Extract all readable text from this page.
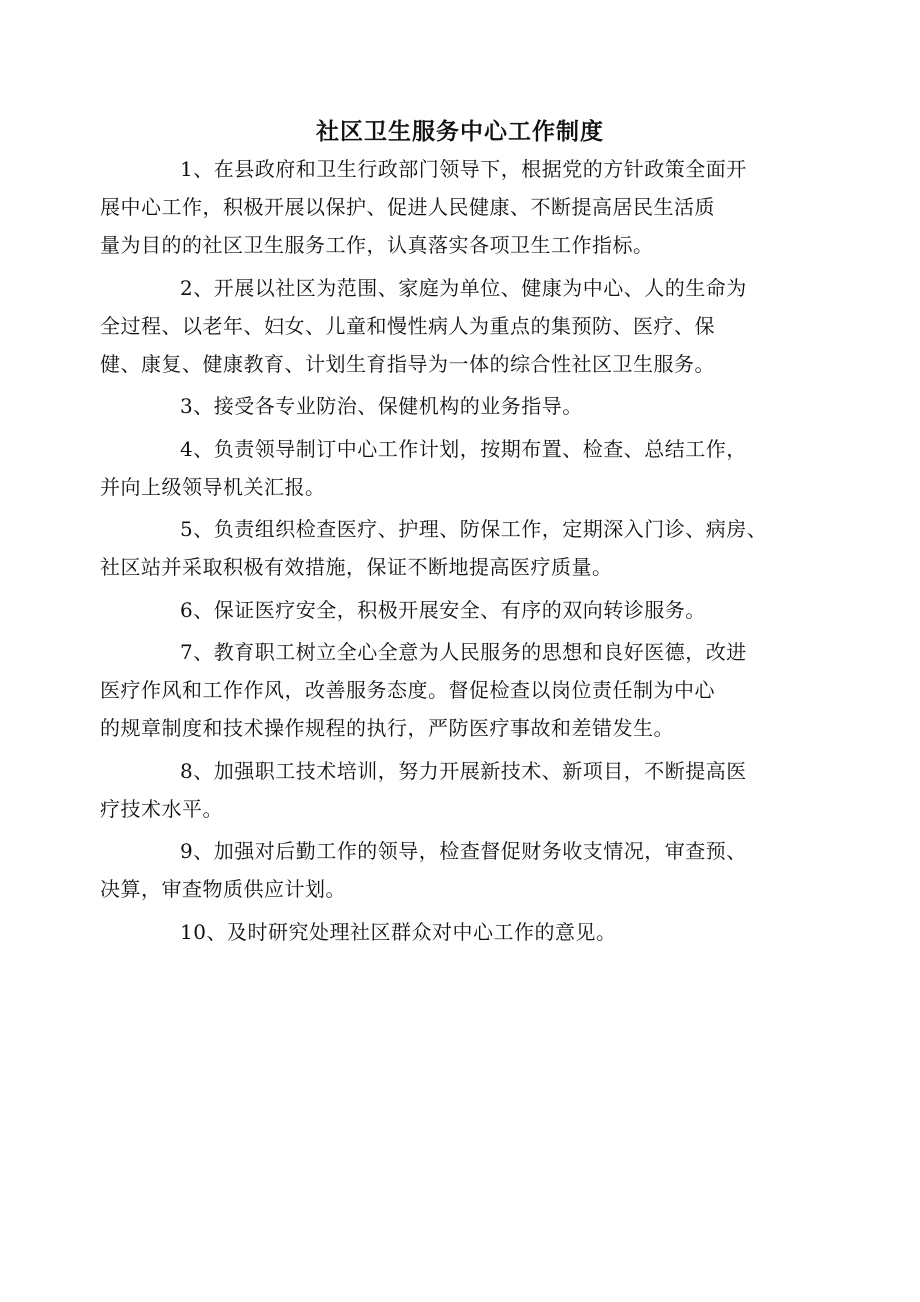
社区卫生服务中心工作制度

1、在县政府和卫生行政部门领导下，根据党的方针政策全面开
展中心工作，积极开展以保护、促进人民健康、不断提高居民生活质
量为目的的社区卫生服务工作，认真落实各项卫生工作指标。

2、开展以社区为范围、家庭为单位、健康为中心、人的生命为
全过程、以老年、妇女、儿童和慢性病人为重点的集预防、医疗、保
健、康复、健康教育、计划生育指导为一体的综合性社区卫生服务。

3、接受各专业防治、保健机构的业务指导。

4、负责领导制订中心工作计划，按期布置、检查、总结工作，
并向上级领导机关汇报。

5、负责组织检查医疗、护理、防保工作，定期深入门诊、病房、
社区站并采取积极有效措施，保证不断地提高医疗质量。

6、保证医疗安全，积极开展安全、有序的双向转诊服务。

7、教育职工树立全心全意为人民服务的思想和良好医德，改进
医疗作风和工作作风，改善服务态度。督促检查以岗位责任制为中心
的规章制度和技术操作规程的执行，严防医疗事故和差错发生。

8、加强职工技术培训，努力开展新技术、新项目，不断提高医
疗技术水平。

9、加强对后勤工作的领导，检查督促财务收支情况，审查预、
决算，审查物质供应计划。

10、及时研究处理社区群众对中心工作的意见。
